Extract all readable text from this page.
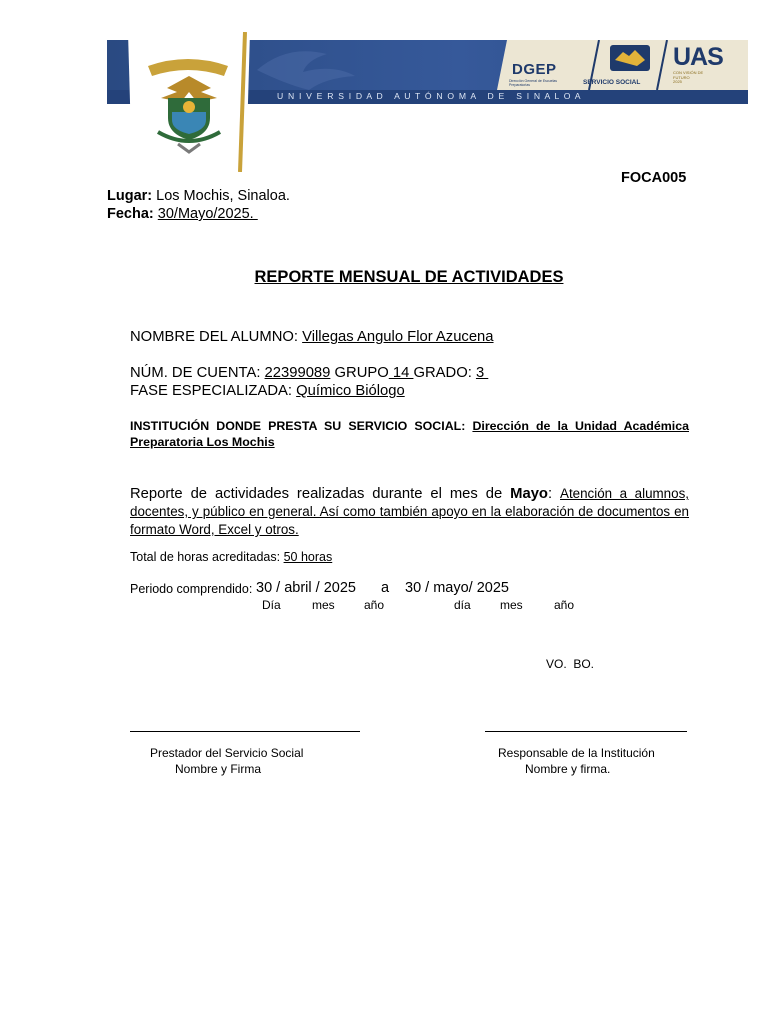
U N I V E R S I D A D   A U T Ó N O M A   D E   S I N A L O A
DGEP
Dirección General de Escuelas Preparatorias	SERVICIO SOCIAL
UAS
CON VISIÓN DE
FUTURO
2025
FOCA005
Lugar: Los Mochis, Sinaloa.
Fecha: 30/Mayo/2025.
REPORTE MENSUAL DE ACTIVIDADES
NOMBRE DEL ALUMNO: Villegas Angulo Flor Azucena
NÚM. DE CUENTA: 22399089 GRUPO 14 GRADO: 3
FASE ESPECIALIZADA: Químico Biólogo
INSTITUCIÓN DONDE PRESTA SU SERVICIO SOCIAL: Dirección de la Unidad Académica Preparatoria Los Mochis
Reporte de actividades realizadas durante el mes de Mayo: Atención a alumnos, docentes, y público en general. Así como también apoyo en la elaboración de documentos en formato Word, Excel y otros.
Total de horas acreditadas: 50 horas
Periodo comprendido: 30 / abril / 2025 a 30 / mayo/ 2025
Día	mes año	día mes	año
VO.  BO.
Prestador del Servicio Social
Nombre y Firma
Responsable de la Institución
Nombre y firma.
